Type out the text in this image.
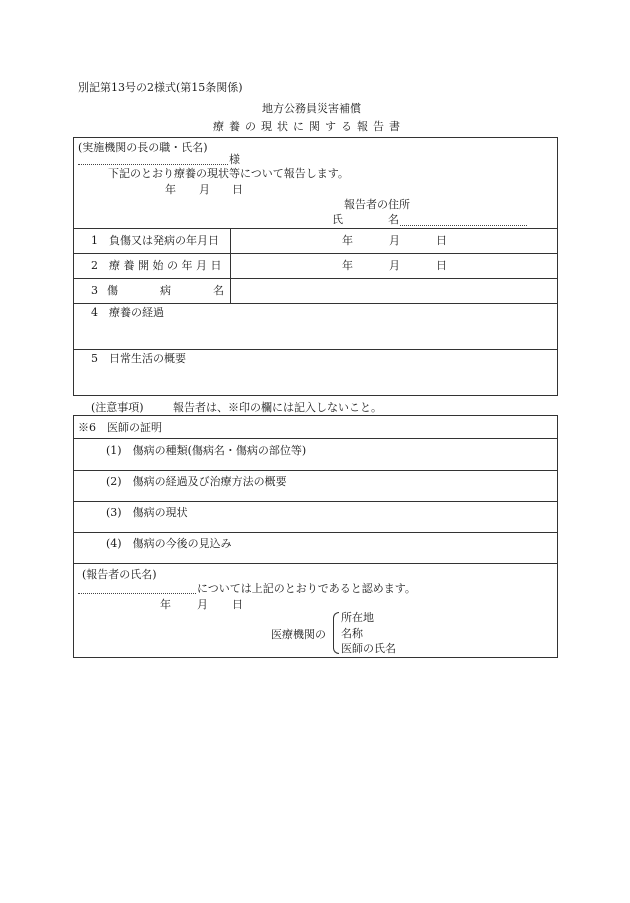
別記第13号の2様式(第15条関係)
地方公務員災害補償
療養の現状に関する報告書
(実施機関の長の職・氏名)
様
下記のとおり療養の現状等について報告します。
年 月 日
報告者の住所
氏	名
1　負傷又は発病の年月日	年	月	日
2　療 養 開 始 の 年 月 日	年	月	日
3 傷	病	名
4　療養の経過
5　日常生活の概要
(注意事項)	報告者は、※印の欄には記入しないこと。
※6　医師の証明
(1)　傷病の種類(傷病名・傷病の部位等)
(2)　傷病の経過及び治療方法の概要
(3)　傷病の現状
(4)　傷病の今後の見込み
(報告者の氏名)
については上記のとおりであると認めます。
年 月 日
医療機関の
所在地
名称
医師の氏名
